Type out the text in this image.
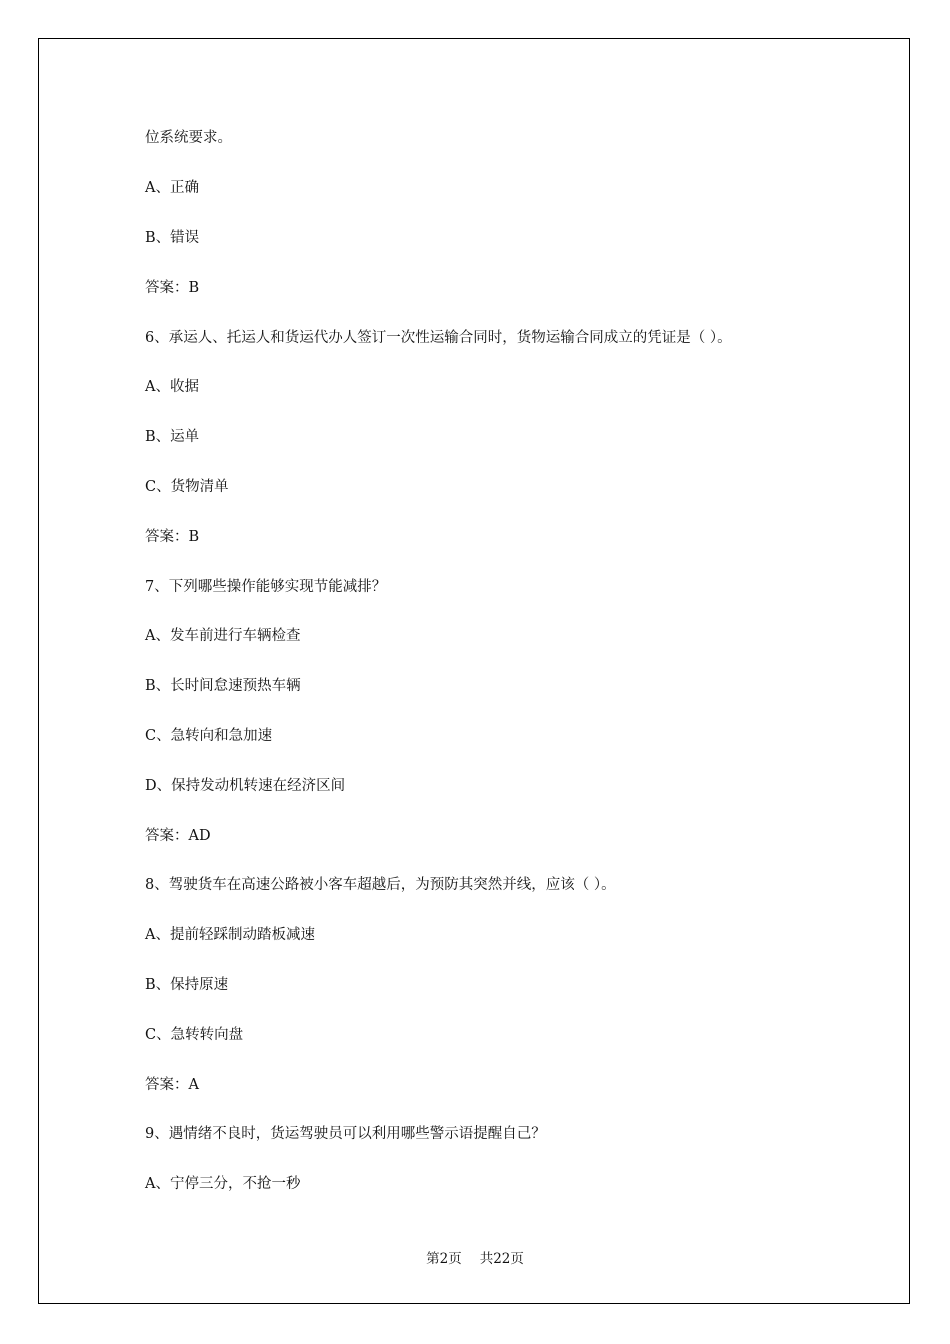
位系统要求。

A、正确

B、错误

答案：B

6、承运人、托运人和货运代办人签订一次性运输合同时，货物运输合同成立的凭证是（ ）。

A、收据

B、运单

C、货物清单

答案：B

7、下列哪些操作能够实现节能减排？

A、发车前进行车辆检查

B、长时间怠速预热车辆

C、急转向和急加速

D、保持发动机转速在经济区间

答案：AD

8、驾驶货车在高速公路被小客车超越后，为预防其突然并线，应该（ ）。

A、提前轻踩制动踏板减速

B、保持原速

C、急转转向盘

答案：A

9、遇情绪不良时，货运驾驶员可以利用哪些警示语提醒自己？

A、宁停三分，不抢一秒

第2页 共22页
